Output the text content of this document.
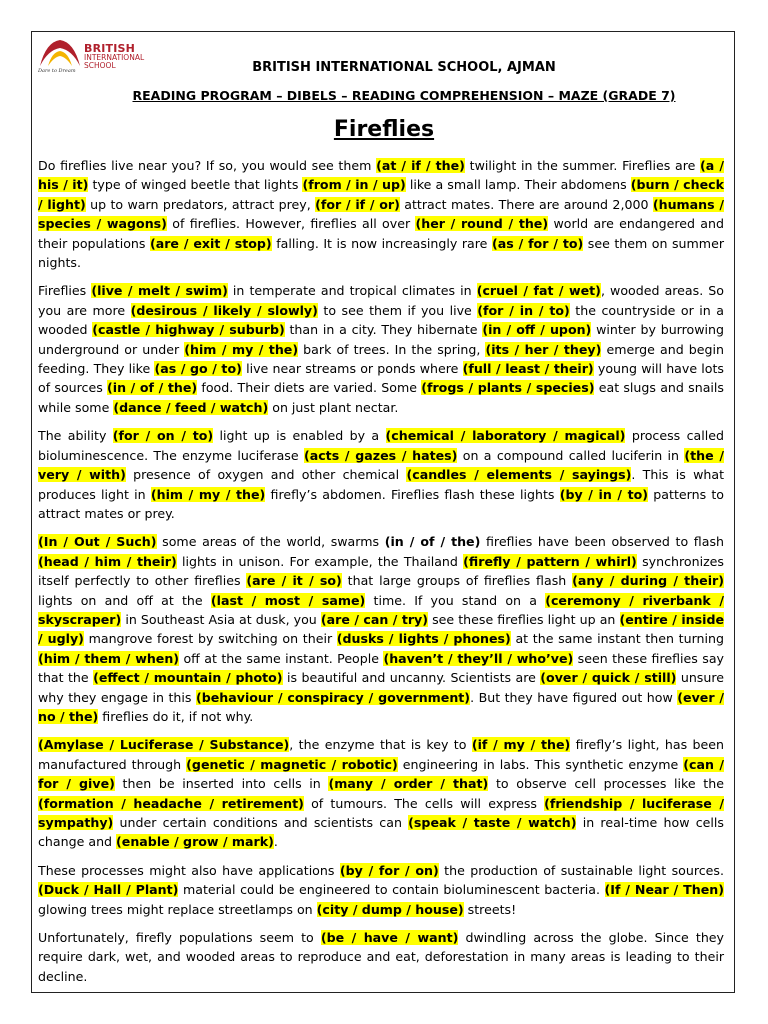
BRITISH
INTERNATIONAL
SCHOOL
Dare to Dream	BRITISH INTERNATIONAL SCHOOL, AJMAN
READING PROGRAM – DIBELS – READING COMPREHENSION – MAZE (GRADE 7)
Fireflies

Do fireflies live near you? If so, you would see them (at / if / the) twilight in the summer. Fireflies are (a / his / it) type of winged beetle that lights (from / in / up) like a small lamp. Their abdomens (burn / check / light) up to warn predators, attract prey, (for / if / or) attract mates. There are around 2,000 (humans / species / wagons) of fireflies. However, fireflies all over (her / round / the) world are endangered and their populations (are / exit / stop) falling. It is now increasingly rare (as / for / to) see them on summer nights.

Fireflies (live / melt / swim) in temperate and tropical climates in (cruel / fat / wet), wooded areas. So you are more (desirous / likely / slowly) to see them if you live (for / in / to) the countryside or in a wooded (castle / highway / suburb) than in a city. They hibernate (in / off / upon) winter by burrowing underground or under (him / my / the) bark of trees. In the spring, (its / her / they) emerge and begin feeding. They like (as / go / to) live near streams or ponds where (full / least / their) young will have lots of sources (in / of / the) food. Their diets are varied. Some (frogs / plants / species) eat slugs and snails while some (dance / feed / watch) on just plant nectar.

The ability (for / on / to) light up is enabled by a (chemical / laboratory / magical) process called bioluminescence. The enzyme luciferase (acts / gazes / hates) on a compound called luciferin in (the / very / with) presence of oxygen and other chemical (candles / elements / sayings). This is what produces light in (him / my / the) firefly’s abdomen. Fireflies flash these lights (by / in / to) patterns to attract mates or prey.

(In / Out / Such) some areas of the world, swarms (in / of / the) fireflies have been observed to flash (head / him / their) lights in unison. For example, the Thailand (firefly / pattern / whirl) synchronizes itself perfectly to other fireflies (are / it / so) that large groups of fireflies flash (any / during / their) lights on and off at the (last / most / same) time. If you stand on a (ceremony / riverbank / skyscraper) in Southeast Asia at dusk, you (are / can / try) see these fireflies light up an (entire / inside / ugly) mangrove forest by switching on their (dusks / lights / phones) at the same instant then turning (him / them / when) off at the same instant. People (haven’t / they’ll / who’ve) seen these fireflies say that the (effect / mountain / photo) is beautiful and uncanny. Scientists are (over / quick / still) unsure why they engage in this (behaviour / conspiracy / government). But they have figured out how (ever / no / the) fireflies do it, if not why.

(Amylase / Luciferase / Substance), the enzyme that is key to (if / my / the) firefly’s light, has been manufactured through (genetic / magnetic / robotic) engineering in labs. This synthetic enzyme (can / for / give) then be inserted into cells in (many / order / that) to observe cell processes like the (formation / headache / retirement) of tumours. The cells will express (friendship / luciferase / sympathy) under certain conditions and scientists can (speak / taste / watch) in real-time how cells change and (enable / grow / mark).

These processes might also have applications (by / for / on) the production of sustainable light sources. (Duck / Hall / Plant) material could be engineered to contain bioluminescent bacteria. (If / Near / Then) glowing trees might replace streetlamps on (city / dump / house) streets!

Unfortunately, firefly populations seem to (be / have / want) dwindling across the globe. Since they require dark, wet, and wooded areas to reproduce and eat, deforestation in many areas is leading to their decline.
